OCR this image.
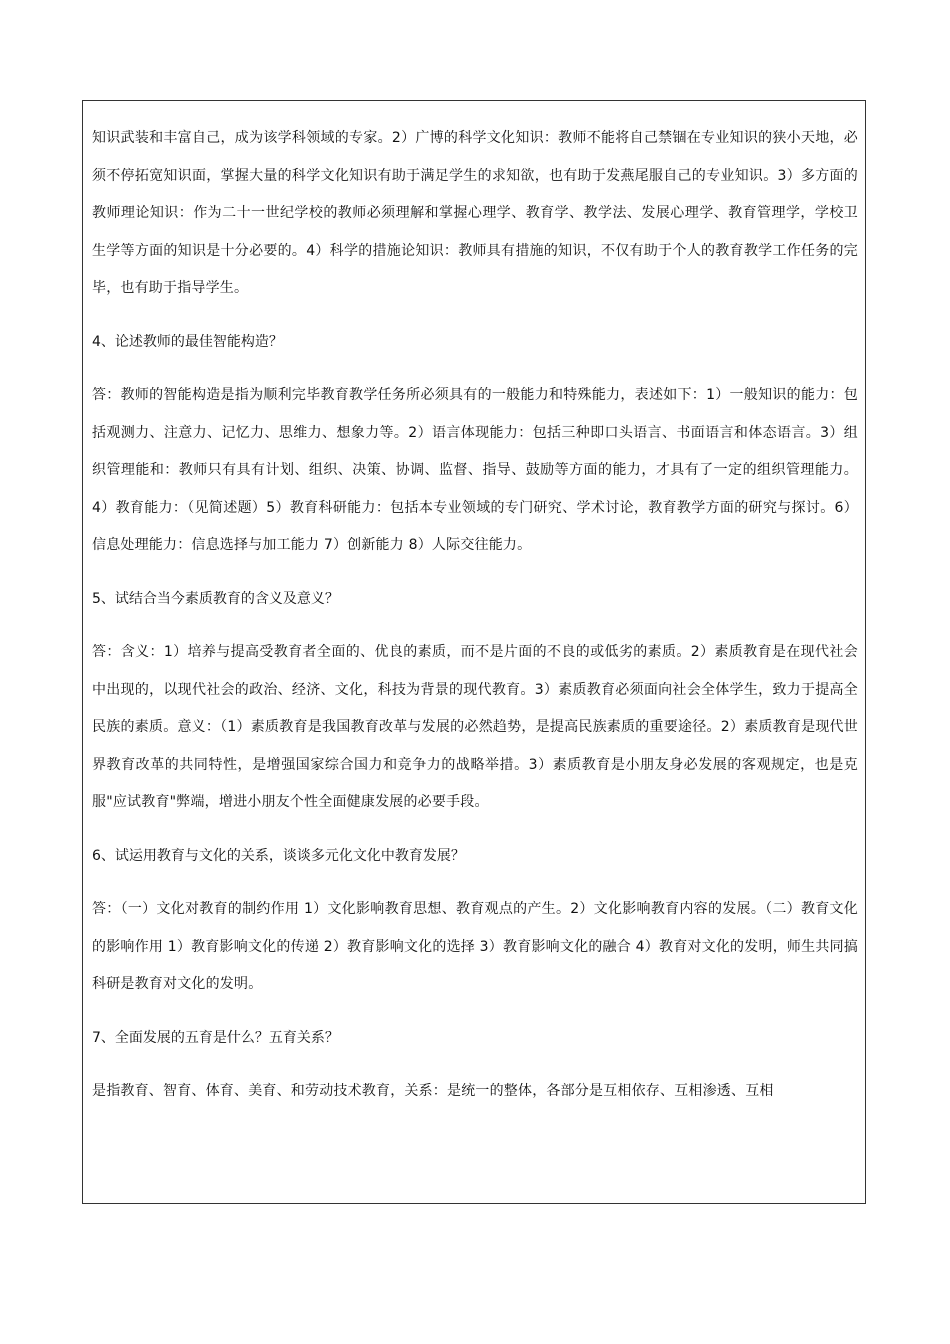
知识武装和丰富自己，成为该学科领域的专家。2）广博的科学文化知识：教师不能将自己禁锢在专业知识的狭小天地，必须不停拓宽知识面，掌握大量的科学文化知识有助于满足学生的求知欲，也有助于发燕尾服自己的专业知识。3）多方面的教师理论知识：作为二十一世纪学校的教师必须理解和掌握心理学、教育学、教学法、发展心理学、教育管理学，学校卫生学等方面的知识是十分必要的。4）科学的措施论知识：教师具有措施的知识，不仅有助于个人的教育教学工作任务的完毕，也有助于指导学生。

4、论述教师的最佳智能构造？

答：教师的智能构造是指为顺利完毕教育教学任务所必须具有的一般能力和特殊能力，表述如下：1）一般知识的能力：包括观测力、注意力、记忆力、思维力、想象力等。2）语言体现能力：包括三种即口头语言、书面语言和体态语言。3）组织管理能和：教师只有具有计划、组织、决策、协调、监督、指导、鼓励等方面的能力，才具有了一定的组织管理能力。4）教育能力：（见简述题）5）教育科研能力：包括本专业领域的专门研究、学术讨论，教育教学方面的研究与探讨。6）信息处理能力：信息选择与加工能力 7）创新能力 8）人际交往能力。

5、试结合当今素质教育的含义及意义？

答：含义：1）培养与提高受教育者全面的、优良的素质，而不是片面的不良的或低劣的素质。2）素质教育是在现代社会中出现的，以现代社会的政治、经济、文化，科技为背景的现代教育。3）素质教育必须面向社会全体学生，致力于提高全民族的素质。意义：（1）素质教育是我国教育改革与发展的必然趋势，是提高民族素质的重要途径。2）素质教育是现代世界教育改革的共同特性，是增强国家综合国力和竞争力的战略举措。3）素质教育是小朋友身必发展的客观规定，也是克服"应试教育"弊端，增进小朋友个性全面健康发展的必要手段。

6、试运用教育与文化的关系，谈谈多元化文化中教育发展？

答：（一）文化对教育的制约作用 1）文化影响教育思想、教育观点的产生。2）文化影响教育内容的发展。（二）教育文化的影响作用 1）教育影响文化的传递 2）教育影响文化的选择 3）教育影响文化的融合 4）教育对文化的发明，师生共同搞科研是教育对文化的发明。

7、全面发展的五育是什么？五育关系？

是指教育、智育、体育、美育、和劳动技术教育，关系：是统一的整体，各部分是互相依存、互相渗透、互相
